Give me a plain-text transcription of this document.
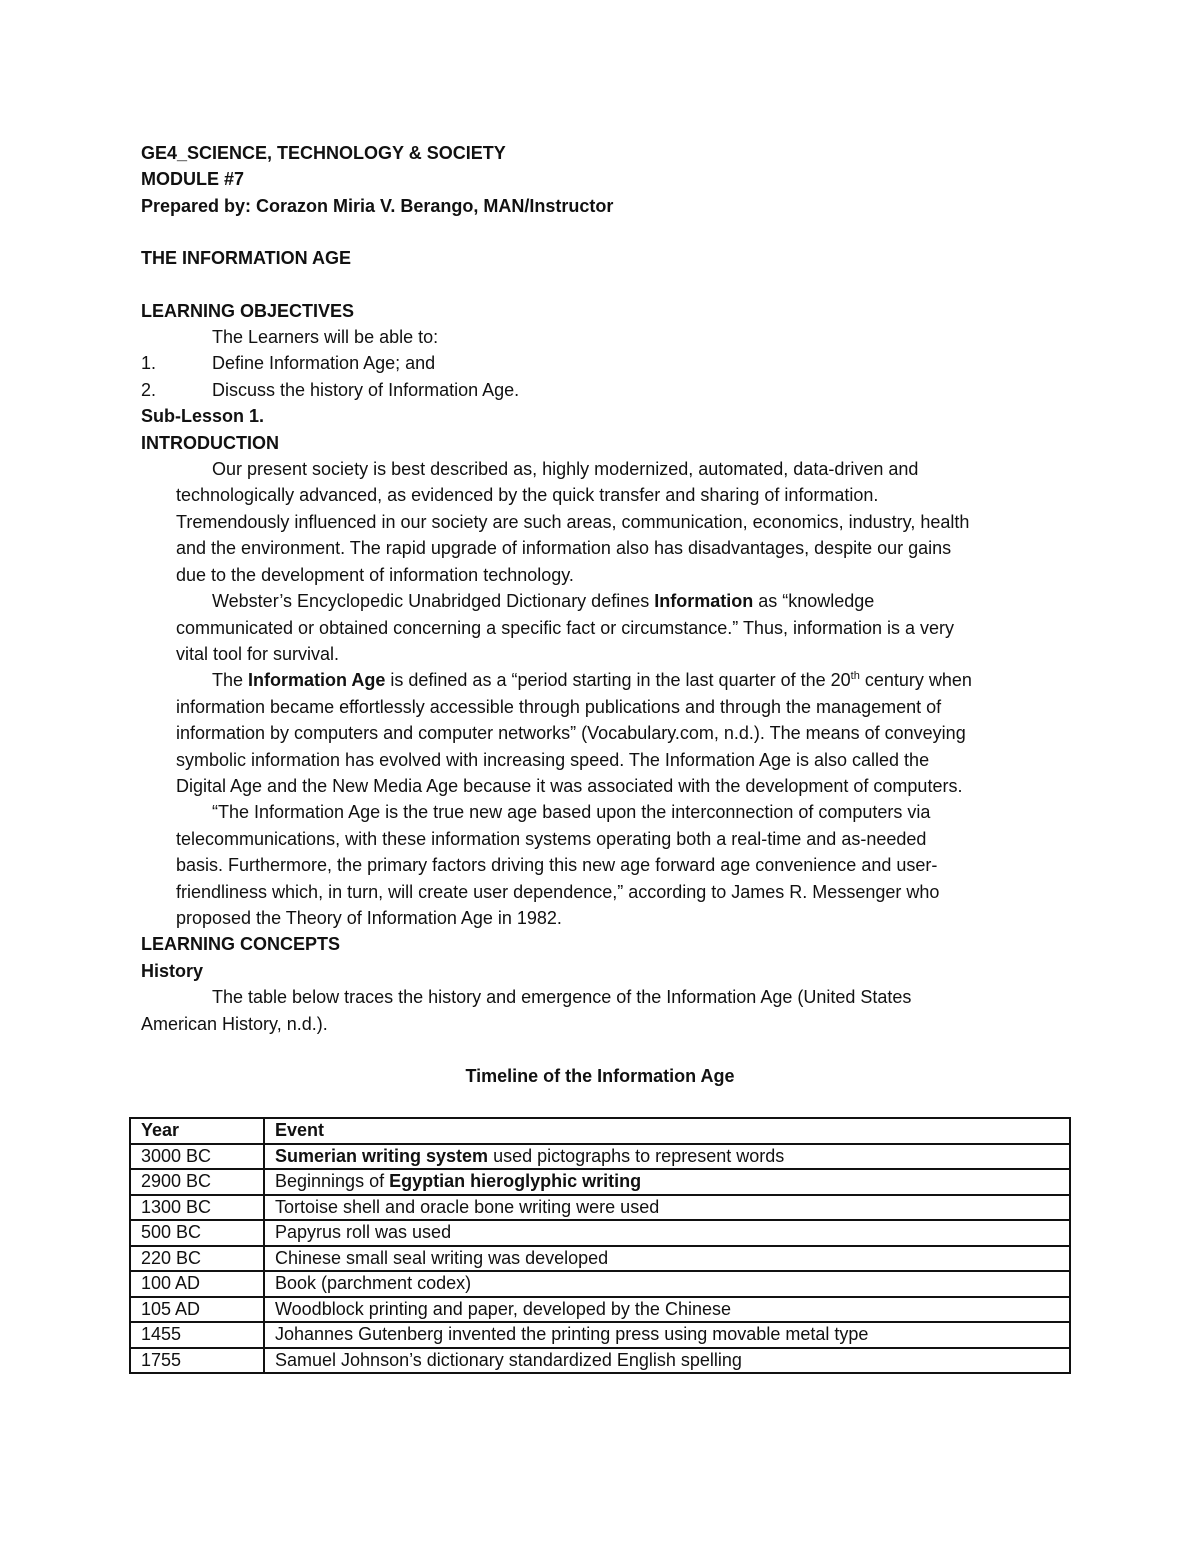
GE4_SCIENCE, TECHNOLOGY & SOCIETY
MODULE #7
Prepared by: Corazon Miria V. Berango, MAN/Instructor
THE INFORMATION AGE
LEARNING OBJECTIVES
The Learners will be able to:
1.	Define Information Age; and
2.	Discuss the history of Information Age.
Sub-Lesson 1.
INTRODUCTION
Our present society is best described as, highly modernized, automated, data-driven and
technologically advanced, as evidenced by the quick transfer and sharing of information.
Tremendously influenced in our society are such areas, communication, economics, industry, health
and the environment. The rapid upgrade of information also has disadvantages, despite our gains
due to the development of information technology.
Webster’s Encyclopedic Unabridged Dictionary defines Information as “knowledge
communicated or obtained concerning a specific fact or circumstance.” Thus, information is a very
vital tool for survival.
The Information Age is defined as a “period starting in the last quarter of the 20th century when
information became effortlessly accessible through publications and through the management of
information by computers and computer networks” (Vocabulary.com, n.d.). The means of conveying
symbolic information has evolved with increasing speed. The Information Age is also called the
Digital Age and the New Media Age because it was associated with the development of computers.
“The Information Age is the true new age based upon the interconnection of computers via
telecommunications, with these information systems operating both a real-time and as-needed
basis. Furthermore, the primary factors driving this new age forward age convenience and user-
friendliness which, in turn, will create user dependence,” according to James R. Messenger who
proposed the Theory of Information Age in 1982.
LEARNING CONCEPTS
History
The table below traces the history and emergence of the Information Age (United States
American History, n.d.).
Timeline of the Information Age
Year	Event
3000 BC	Sumerian writing system used pictographs to represent words
2900 BC	Beginnings of Egyptian hieroglyphic writing
1300 BC	Tortoise shell and oracle bone writing were used
500 BC	Papyrus roll was used
220 BC	Chinese small seal writing was developed
100 AD	Book (parchment codex)
105 AD	Woodblock printing and paper, developed by the Chinese
1455	Johannes Gutenberg invented the printing press using movable metal type
1755	Samuel Johnson’s dictionary standardized English spelling
